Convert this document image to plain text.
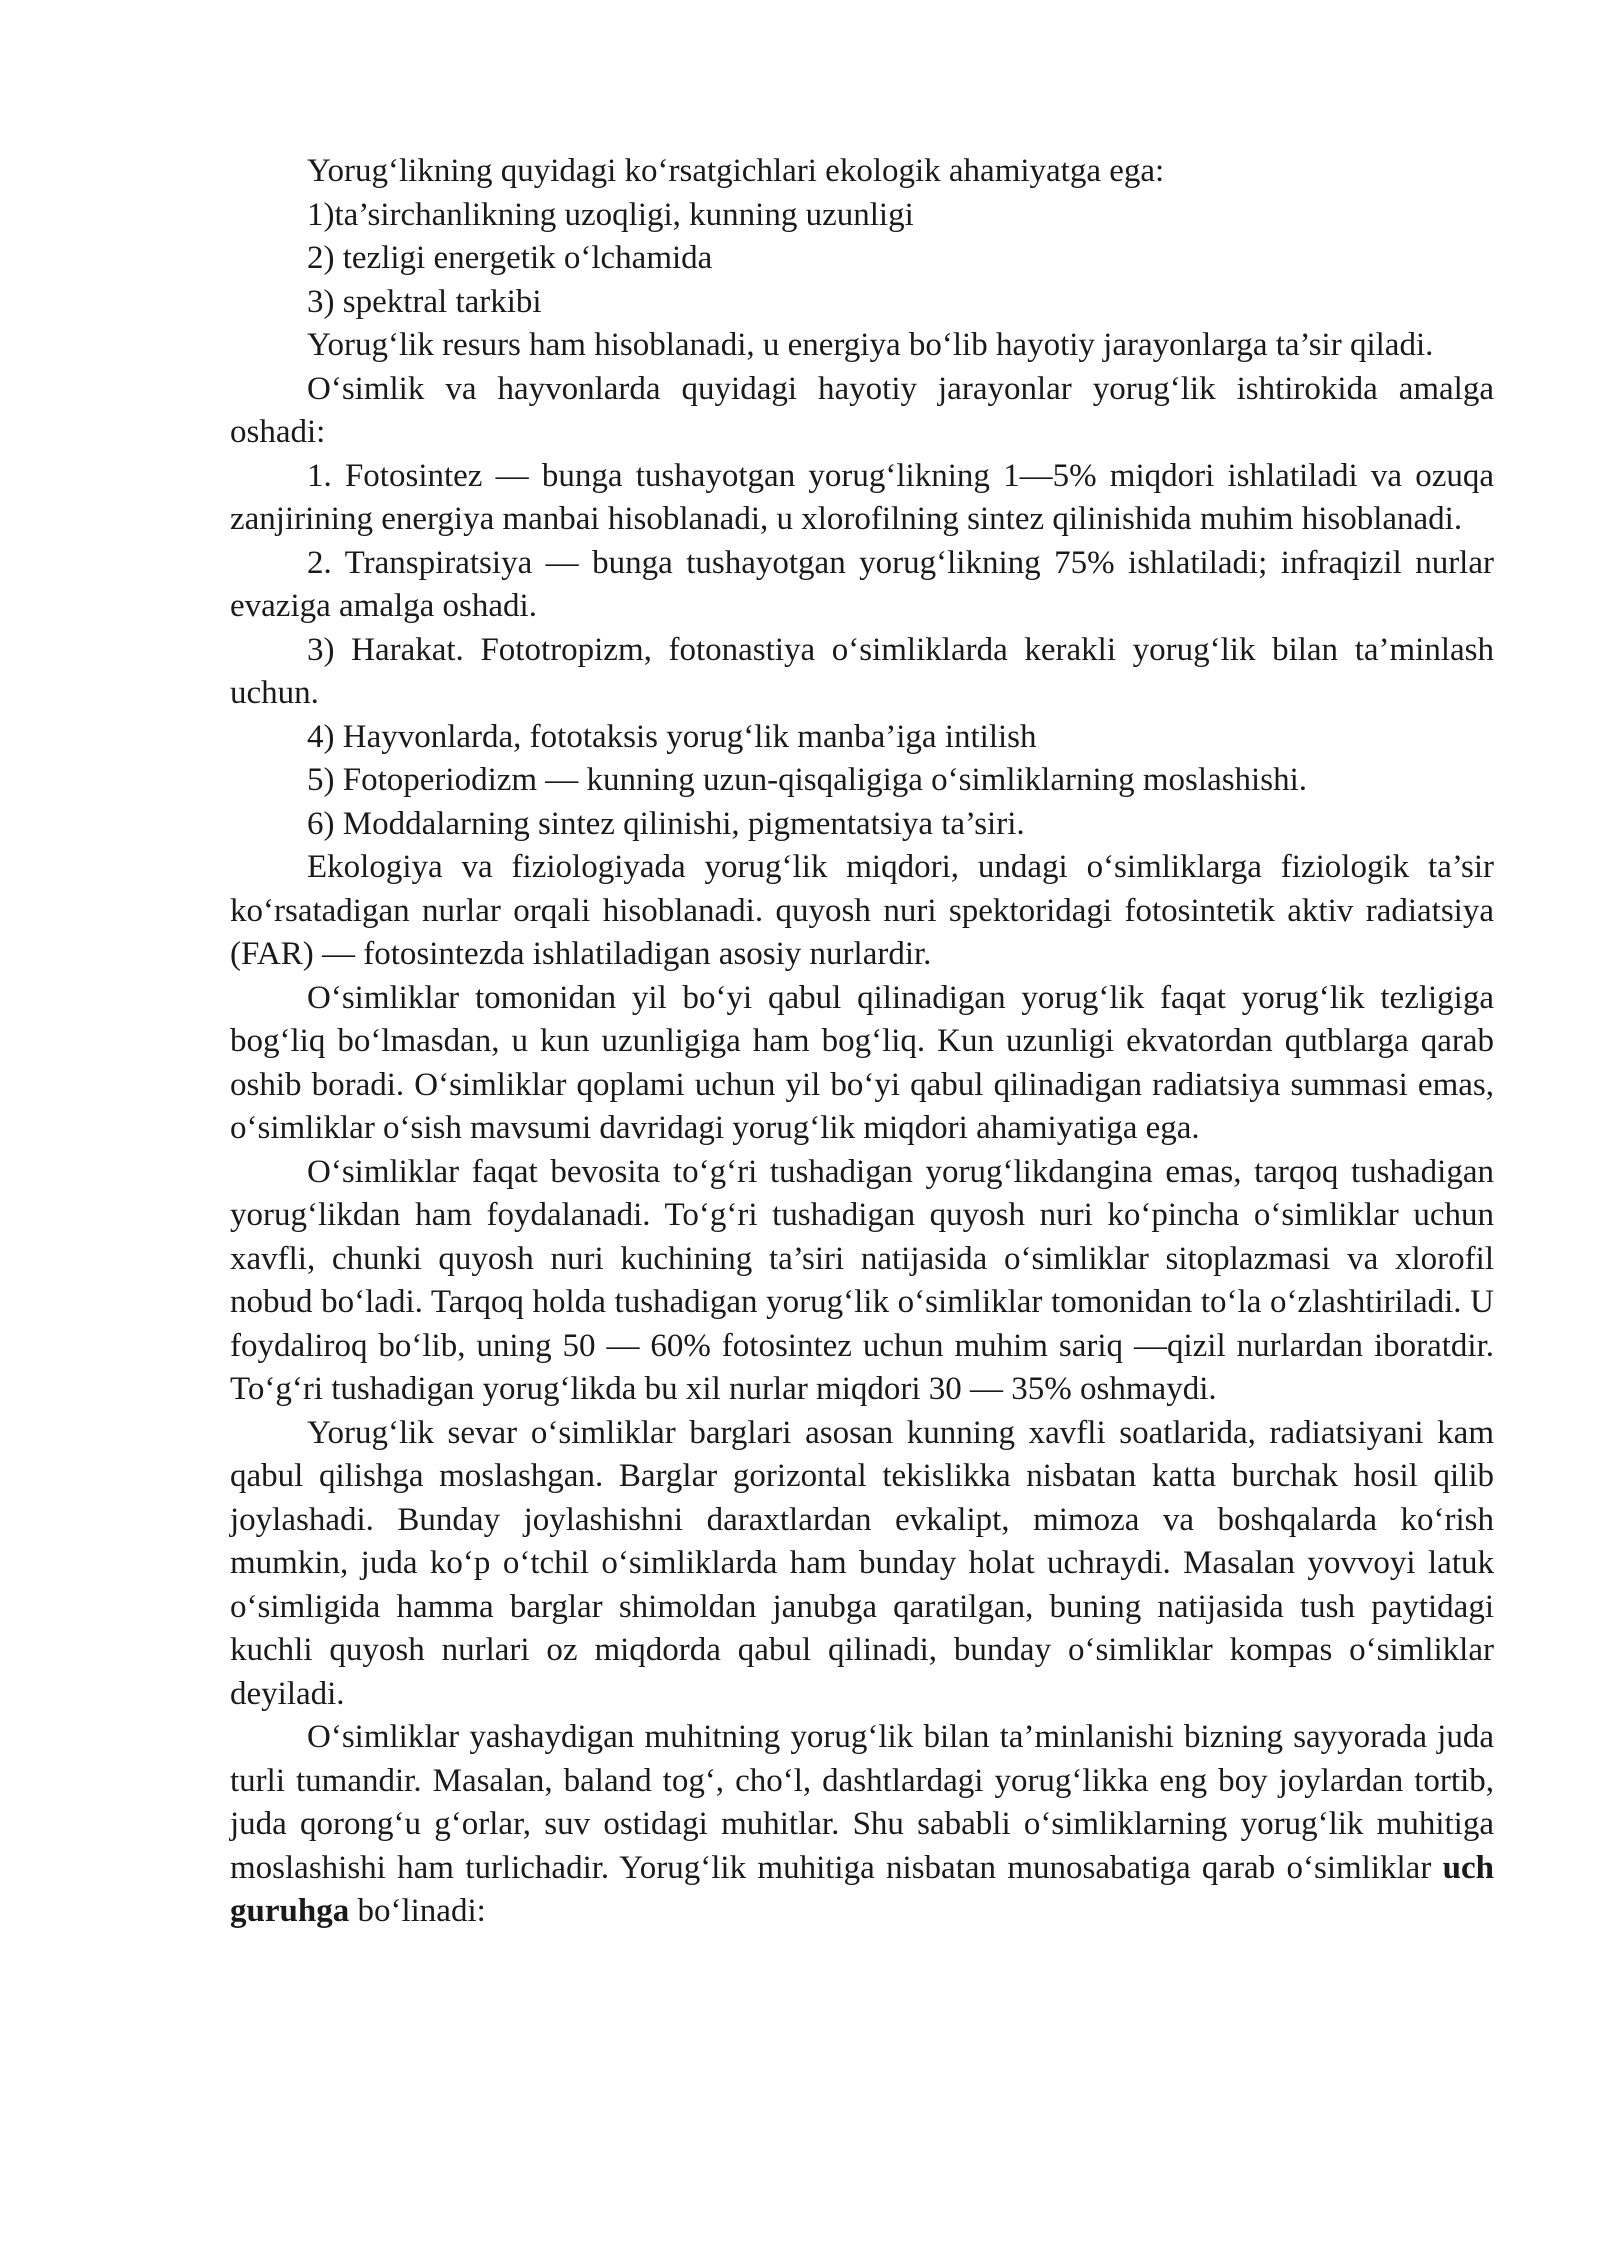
Yorug‘likning quyidagi ko‘rsatgichlari ekologik ahamiyatga ega:

1)ta’sirchanlikning uzoqligi, kunning uzunligi

2) tezligi energetik o‘lchamida

3) spektral tarkibi

Yorug‘lik resurs ham hisoblanadi, u energiya bo‘lib hayotiy jarayonlarga ta’sir qiladi.

O‘simlik va hayvonlarda quyidagi hayotiy jarayonlar yorug‘lik ishtirokida amalga oshadi:

1. Fotosintez — bunga tushayotgan yorug‘likning 1—5% miqdori ishlatiladi va ozuqa zanjirining energiya manbai hisoblanadi, u xlorofilning sintez qilinishida muhim hisoblanadi.

2. Transpiratsiya — bunga tushayotgan yorug‘likning 75% ishlatiladi; infraqizil nurlar evaziga amalga oshadi.

3) Harakat. Fototropizm, fotonastiya o‘simliklarda kerakli yorug‘lik bilan ta’minlash uchun.

4) Hayvonlarda, fototaksis yorug‘lik manba’iga intilish

5) Fotoperiodizm — kunning uzun-qisqaligiga o‘simliklarning moslashishi.

6) Moddalarning sintez qilinishi, pigmentatsiya ta’siri.

Ekologiya va fiziologiyada yorug‘lik miqdori, undagi o‘simliklarga fiziologik ta’sir ko‘rsatadigan nurlar orqali hisoblanadi. quyosh nuri spektoridagi fotosintetik aktiv radiatsiya (FAR) — fotosintezda ishlatiladigan asosiy nurlardir.

O‘simliklar tomonidan yil bo‘yi qabul qilinadigan yorug‘lik faqat yorug‘lik tezligiga bog‘liq bo‘lmasdan, u kun uzunligiga ham bog‘liq. Kun uzunligi ekvatordan qutblarga qarab oshib boradi. O‘simliklar qoplami uchun yil bo‘yi qabul qilinadigan radiatsiya summasi emas, o‘simliklar o‘sish mavsumi davridagi yorug‘lik miqdori ahamiyatiga ega.

O‘simliklar faqat bevosita to‘g‘ri tushadigan yorug‘likdangina emas, tarqoq tushadigan yorug‘likdan ham foydalanadi. To‘g‘ri tushadigan quyosh nuri ko‘pincha o‘simliklar uchun xavfli, chunki quyosh nuri kuchining ta’siri natijasida o‘simliklar sitoplazmasi va xlorofil nobud bo‘ladi. Tarqoq holda tushadigan yorug‘lik o‘simliklar tomonidan to‘la o‘zlashtiriladi. U foydaliroq bo‘lib, uning 50 — 60% fotosintez uchun muhim sariq —qizil nurlardan iboratdir. To‘g‘ri tushadigan yorug‘likda bu xil nurlar miqdori 30 — 35% oshmaydi.

Yorug‘lik sevar o‘simliklar barglari asosan kunning xavfli soatlarida, radiatsiyani kam qabul qilishga moslashgan. Barglar gorizontal tekislikka nisbatan katta burchak hosil qilib joylashadi. Bunday joylashishni daraxtlardan evkalipt, mimoza va boshqalarda ko‘rish mumkin, juda ko‘p o‘tchil o‘simliklarda ham bunday holat uchraydi. Masalan yovvoyi latuk o‘simligida hamma barglar shimoldan janubga qaratilgan, buning natijasida tush paytidagi kuchli quyosh nurlari oz miqdorda qabul qilinadi, bunday o‘simliklar kompas o‘simliklar deyiladi.

O‘simliklar yashaydigan muhitning yorug‘lik bilan ta’minlanishi bizning sayyorada juda turli tumandir. Masalan, baland tog‘, cho‘l, dashtlardagi yorug‘likka eng boy joylardan tortib, juda qorong‘u g‘orlar, suv ostidagi muhitlar. Shu sababli o‘simliklarning yorug‘lik muhitiga moslashishi ham turlichadir. Yorug‘lik muhitiga nisbatan munosabatiga qarab o‘simliklar uch guruhga bo‘linadi:
